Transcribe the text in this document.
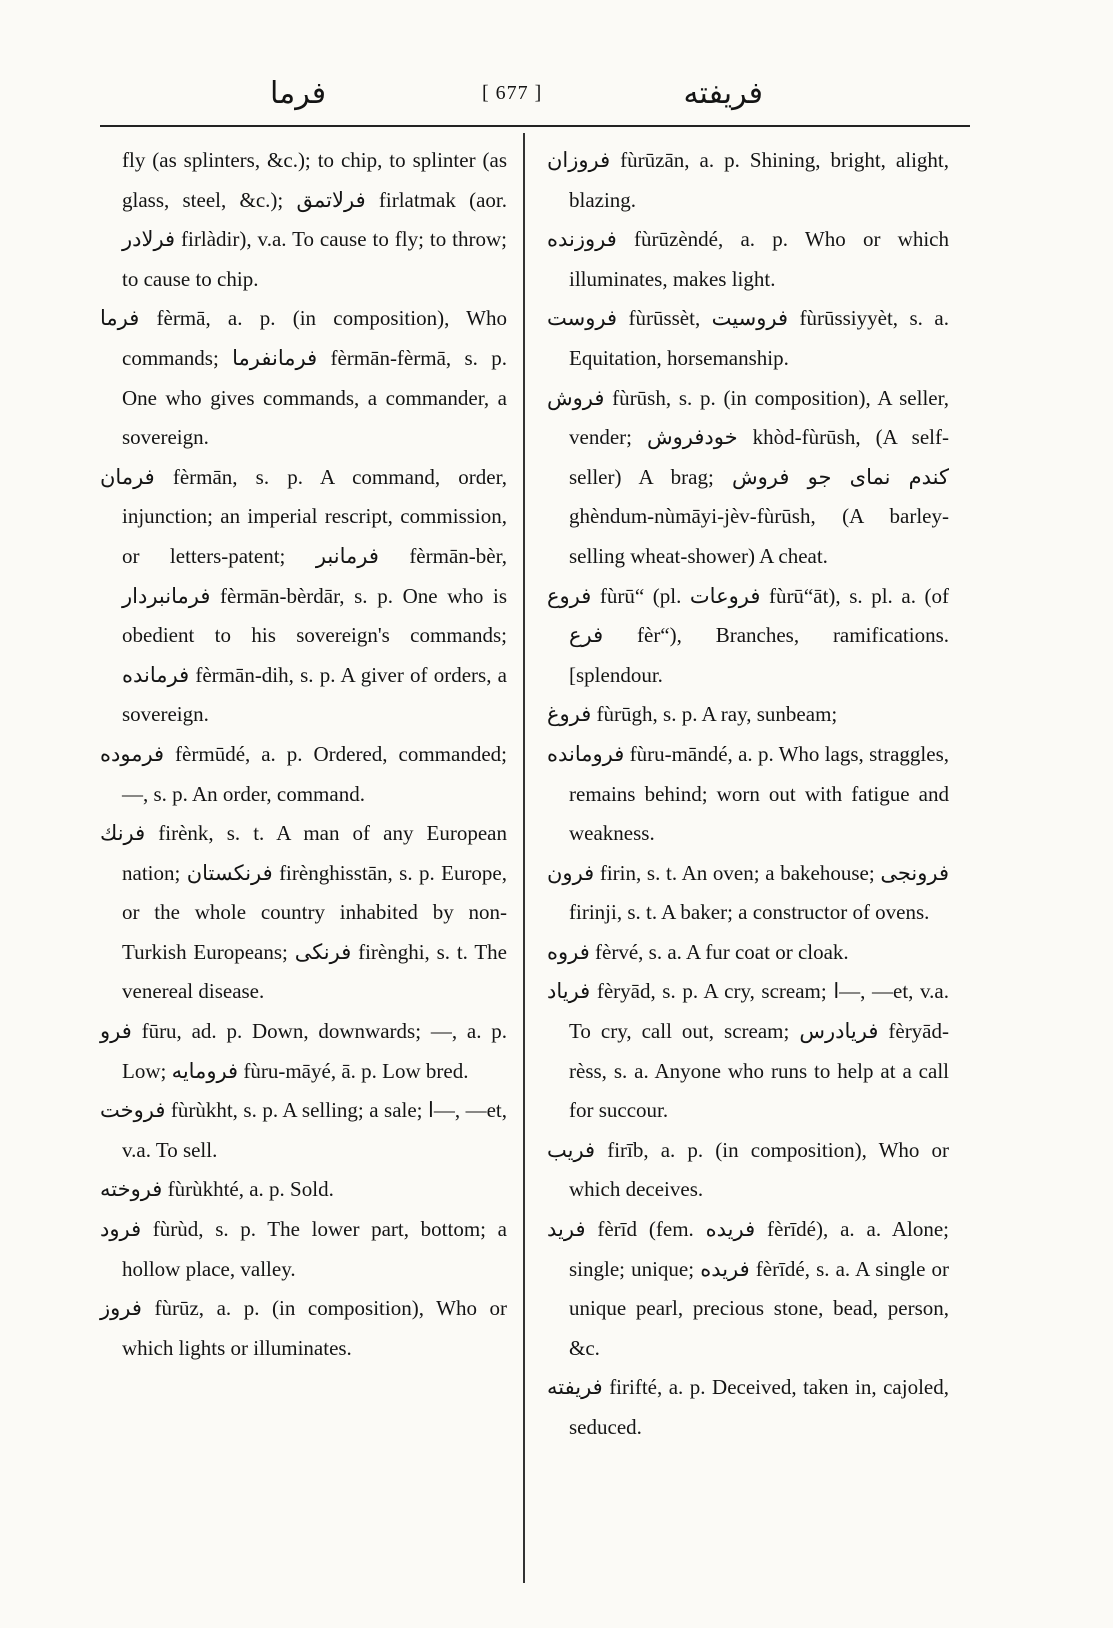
فرما	[ 677 ]	فریفته

fly (as splinters, &c.); to chip, to splinter (as glass, steel, &c.); فرلاتمق firlatmak (aor. فرلادر firlàdir), v.a. To cause to fly; to throw; to cause to chip.

فرما fèrmā, a. p. (in composition), Who commands; فرمانفرما fèrmān-fèrmā, s. p. One who gives commands, a commander, a sovereign.

فرمان fèrmān, s. p. A command, order, injunction; an imperial rescript, commission, or letters-patent; فرمانبر fèrmān-bèr, فرمانبردار fèrmān-bèrdār, s. p. One who is obedient to his sovereign's commands; فرمانده fèrmān-dih, s. p. A giver of orders, a sovereign.

فرموده fèrmūdé, a. p. Ordered, commanded; —, s. p. An order, command.

فرنك firènk, s. t. A man of any European nation; فرنكستان firènghisstān, s. p. Europe, or the whole country inhabited by non-Turkish Europeans; فرنكی firènghi, s. t. The venereal disease.

فرو fūru, ad. p. Down, downwards; —, a. p. Low; فرومایه fùru-māyé, ā. p. Low bred.

فروخت fùrùkht, s. p. A selling; a sale; ا—, —et, v.a. To sell.

فروخته fùrùkhté, a. p. Sold.

فرود fùrùd, s. p. The lower part, bottom; a hollow place, valley.

فروز fùrūz, a. p. (in composition), Who or which lights or illuminates.

فروزان fùrūzān, a. p. Shining, bright, alight, blazing.

فروزنده fùrūzèndé, a. p. Who or which illuminates, makes light.

فروست fùrūssèt, فروسیت fùrūssiyyèt, s. a. Equitation, horsemanship.

فروش fùrūsh, s. p. (in composition), A seller, vender; خودفروش khòd-fùrūsh, (A self-seller) A brag; كندم نمای جو فروش ghèndum-nùmāyi-jèv-fùrūsh, (A barley-selling wheat-shower) A cheat.

فروع fùrū“ (pl. فروعات fùrū“āt), s. pl. a. (of فرع fèr“), Branches, ramifications. [splendour.

فروغ fùrūgh, s. p. A ray, sunbeam;

فرومانده fùru-māndé, a. p. Who lags, straggles, remains behind; worn out with fatigue and weakness.

فرون firin, s. t. An oven; a bakehouse; فرونجی firinji, s. t. A baker; a constructor of ovens.

فروه fèrvé, s. a. A fur coat or cloak.

فریاد fèryād, s. p. A cry, scream; ا—, —et, v.a. To cry, call out, scream; فریادرس fèryād-rèss, s. a. Anyone who runs to help at a call for succour.

فریب firīb, a. p. (in composition), Who or which deceives.

فرید fèrīd (fem. فریده fèrīdé), a. a. Alone; single; unique; فریده fèrīdé, s. a. A single or unique pearl, precious stone, bead, person, &c.

فریفته firifté, a. p. Deceived, taken in, cajoled, seduced.
